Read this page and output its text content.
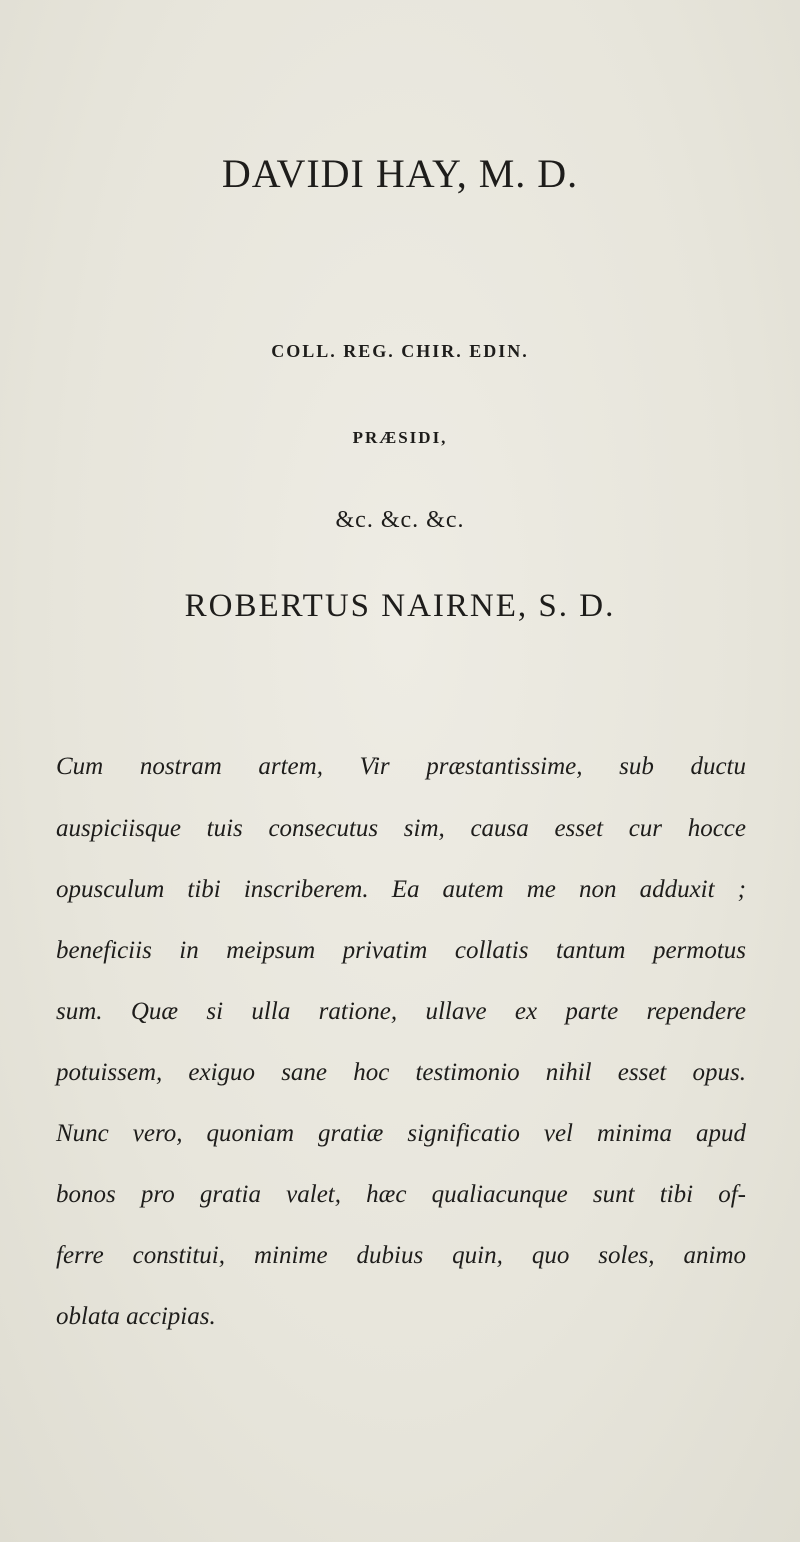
DAVIDI HAY, M. D.
COLL. REG. CHIR. EDIN.
PRÆSIDI,
&c. &c. &c.
ROBERTUS NAIRNE, S. D.
Cum nostram artem, Vir præstantissime, sub ductu
auspiciisque tuis consecutus sim, causa esset cur hocce
opusculum tibi inscriberem. Ea autem me non adduxit ;
beneficiis in meipsum privatim collatis tantum permotus
sum. Quæ si ulla ratione, ullave ex parte rependere
potuissem, exiguo sane hoc testimonio nihil esset opus.
Nunc vero, quoniam gratiæ significatio vel minima apud
bonos pro gratia valet, hæc qualiacunque sunt tibi of-
ferre constitui, minime dubius quin, quo soles, animo
oblata accipias.
